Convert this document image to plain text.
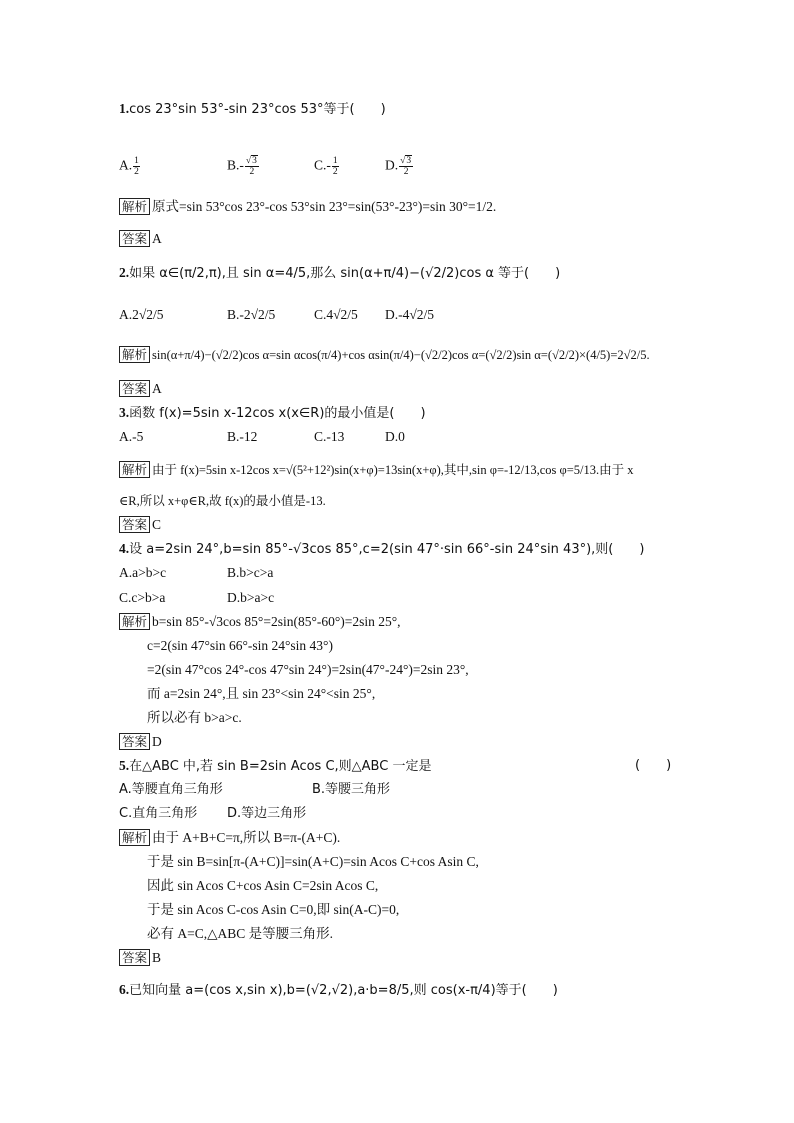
1.cos 23°sin 53°-sin 23°cos 53°等于(　　)
A. $\frac{1}{2}$	$B.- \frac{√3}{2}$	$C.- \frac{1}{2}$	D. $\frac{√3}{2}$
解析 原式=sin 53°cos 23°-cos 53°sin 23°=sin(53°-23°)=sin 30°=1/2.
答案 A
2.如果 α∈(π/2,π),且 sin α=4/5,那么 sin(α+π/4)−(√2/2)cos α 等于(　　)
A.2√2/5	B.-2√2/5	C.4√2/5 D.-4√2/5
解析 sin(α+π/4)−(√2/2)cos α=sin αcos(π/4)+cos αsin(π/4)−(√2/2)cos α=(√2/2)sin α=(√2/2)×(4/5)=2√2/5.
答案 A
3.函数 f(x)=5sin x-12cos x(x∈R)的最小值是(　　)
A.-5	B.-12	C.-13	D.0
解析 由于 f(x)=5sin x-12cos x=√(5²+12²)sin(x+φ)=13sin(x+φ),其中,sin φ=-12/13,cos φ=5/13.由于 x
∈R,所以 x+φ∈R,故 f(x)的最小值是-13.
答案 C
4.设 a=2sin 24°,b=sin 85°-√3cos 85°,c=2(sin 47°·sin 66°-sin 24°sin 43°),则(　　)
A.a>b>c	B.b>c>a
C.c>b>a	D.b>a>c
解析 b=sin 85°-√3cos 85°=2sin(85°-60°)=2sin 25°,
c=2(sin 47°sin 66°-sin 24°sin 43°)
=2(sin 47°cos 24°-cos 47°sin 24°)=2sin(47°-24°)=2sin 23°,
而 a=2sin 24°,且 sin 23°<sin 24°<sin 25°,
所以必有 b>a>c.
答案 D
5.在△ABC 中,若 sin B=2sin Acos C,则△ABC 一定是	(　　)
A.等腰直角三角形	B.等腰三角形
C.直角三角形 D.等边三角形
解析 由于 A+B+C=π,所以 B=π-(A+C).
于是 sin B=sin[π-(A+C)]=sin(A+C)=sin Acos C+cos Asin C,
因此 sin Acos C+cos Asin C=2sin Acos C,
于是 sin Acos C-cos Asin C=0,即 sin(A-C)=0,
必有 A=C,△ABC 是等腰三角形.
答案 B
6.已知向量 a=(cos x,sin x),b=(√2,√2),a·b=8/5,则 cos(x-π/4)等于(　　)
